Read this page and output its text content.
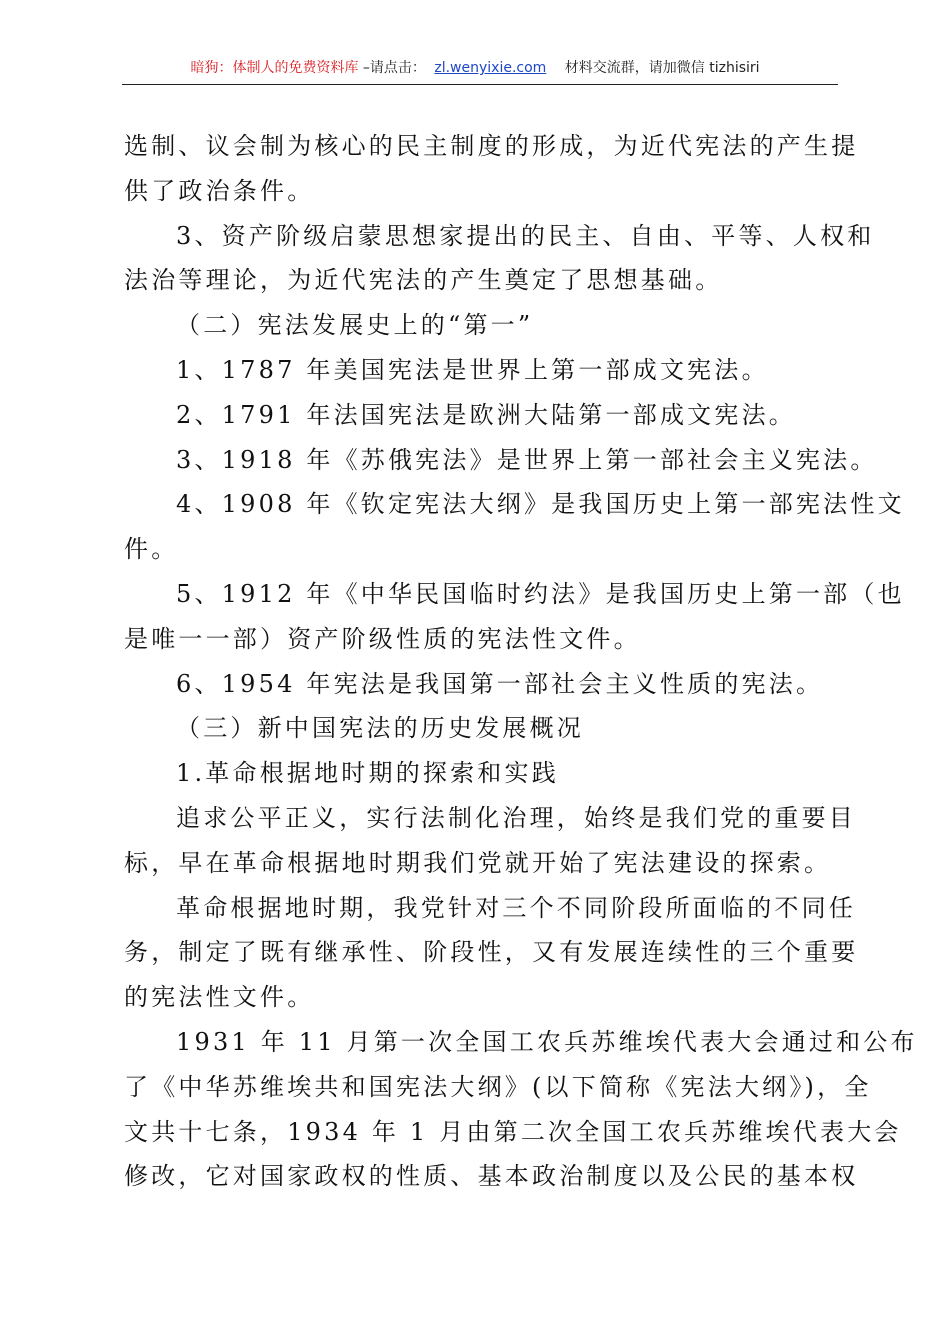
暗狗：体制人的免费资料库 –请点击： zl.wenyixie.com 材料交流群，请加微信 tizhisiri
选制、议会制为核心的民主制度的形成，为近代宪法的产生提
供了政治条件。
3、资产阶级启蒙思想家提出的民主、自由、平等、人权和
法治等理论，为近代宪法的产生奠定了思想基础。
（二）宪法发展史上的“第一”
1、1787 年美国宪法是世界上第一部成文宪法。
2、1791 年法国宪法是欧洲大陆第一部成文宪法。
3、1918 年《苏俄宪法》是世界上第一部社会主义宪法。
4、1908 年《钦定宪法大纲》是我国历史上第一部宪法性文
件。
5、1912 年《中华民国临时约法》是我国历史上第一部（也
是唯一一部）资产阶级性质的宪法性文件。
6、1954 年宪法是我国第一部社会主义性质的宪法。
（三）新中国宪法的历史发展概况
1.革命根据地时期的探索和实践
追求公平正义，实行法制化治理，始终是我们党的重要目
标，早在革命根据地时期我们党就开始了宪法建设的探索。
革命根据地时期，我党针对三个不同阶段所面临的不同任
务，制定了既有继承性、阶段性，又有发展连续性的三个重要
的宪法性文件。
1931 年 11 月第一次全国工农兵苏维埃代表大会通过和公布
了《中华苏维埃共和国宪法大纲》(以下简称《宪法大纲》)，全
文共十七条，1934 年 1 月由第二次全国工农兵苏维埃代表大会
修改，它对国家政权的性质、基本政治制度以及公民的基本权
